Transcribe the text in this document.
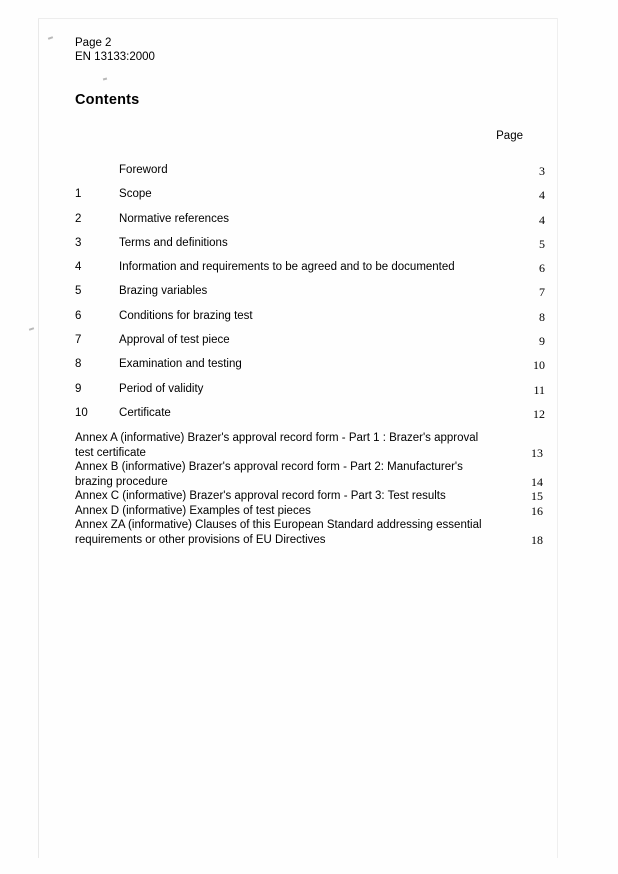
Page 2
EN 13133:2000
Contents
Page
	Foreword	3
1	Scope	4
2	Normative references	4
3	Terms and definitions	5
4	Information and requirements to be agreed and to be documented	6
5	Brazing variables	7
6	Conditions for brazing test	8
7	Approval of test piece	9
8	Examination and testing	10
9	Period of validity	11
10	Certificate	12
Annex A (informative) Brazer's approval record form - Part 1 : Brazer's approval test certificate		13
Annex B (informative) Brazer's approval record form - Part 2: Manufacturer's brazing procedure		14
Annex C (informative) Brazer's approval record form - Part 3: Test results		15
Annex D (informative) Examples of test pieces		16
Annex ZA (informative) Clauses of this European Standard addressing essential requirements or other provisions of EU Directives		18
